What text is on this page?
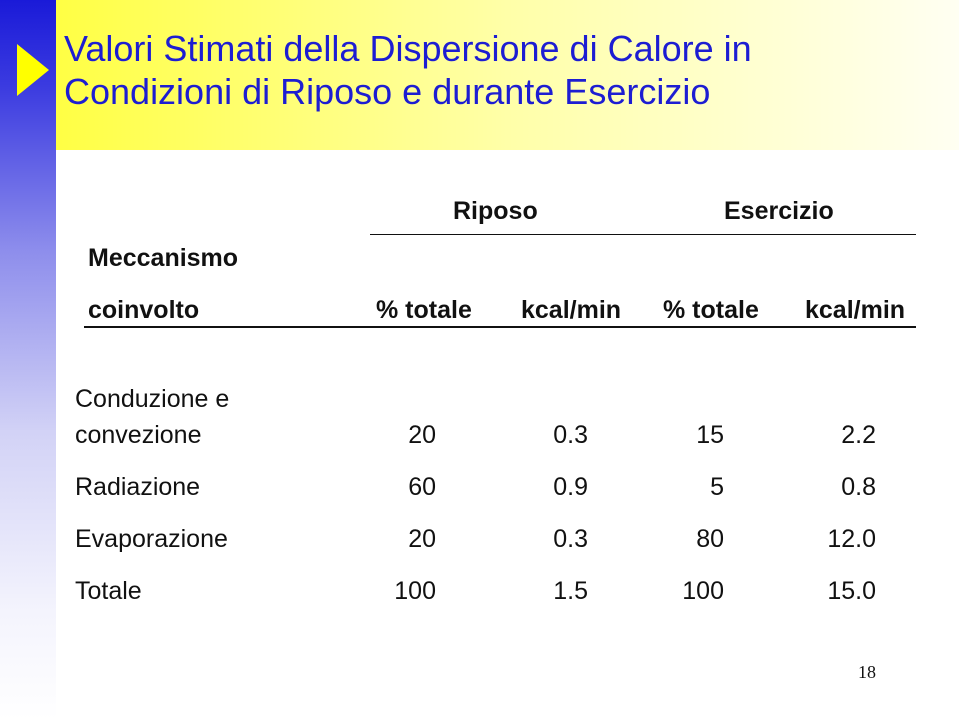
Valori Stimati della Dispersione di Calore in
Condizioni di Riposo e durante Esercizio
Riposo	Esercizio
Meccanismo
coinvolto	% totale kcal/min % totale kcal/min
Conduzione e
convezione	20	0.3	15	2.2
Radiazione	60	0.9	5	0.8
Evaporazione	20	0.3	80	12.0
Totale	100	1.5	100	15.0
18
